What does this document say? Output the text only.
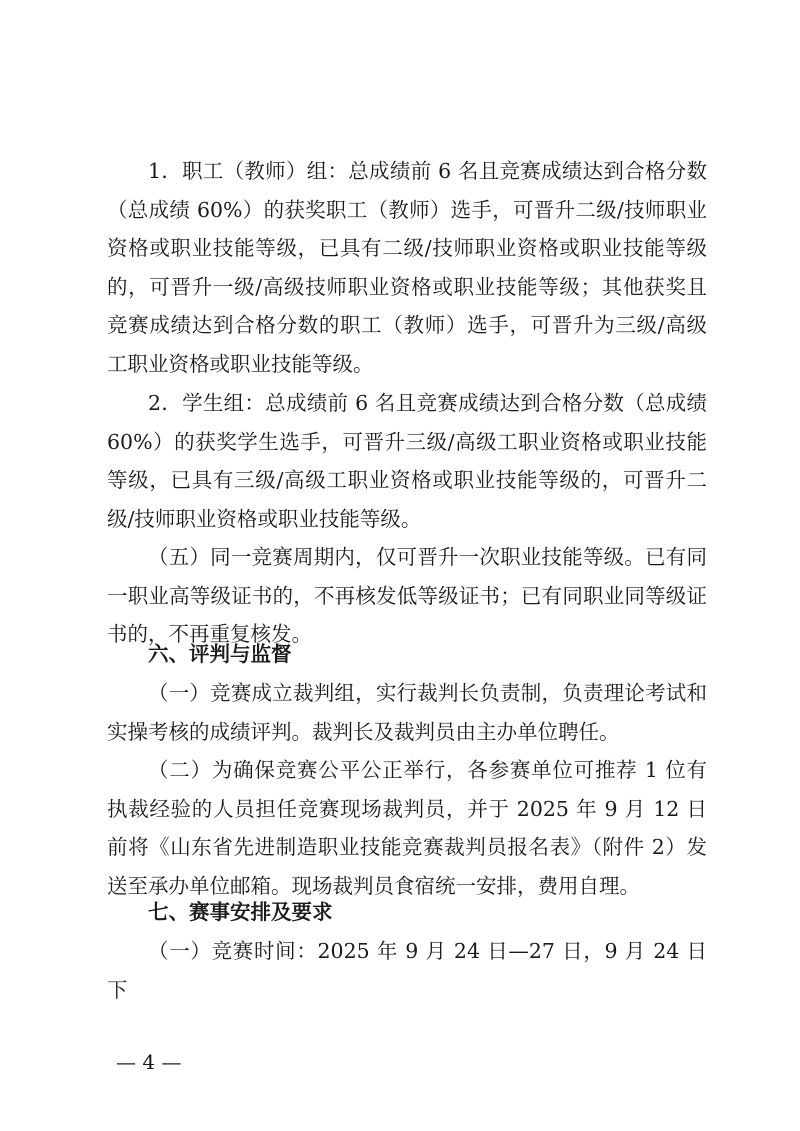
1．职工（教师）组：总成绩前 6 名且竞赛成绩达到合格分数（总成绩 60%）的获奖职工（教师）选手，可晋升二级/技师职业资格或职业技能等级，已具有二级/技师职业资格或职业技能等级的，可晋升一级/高级技师职业资格或职业技能等级；其他获奖且竞赛成绩达到合格分数的职工（教师）选手，可晋升为三级/高级工职业资格或职业技能等级。

2．学生组：总成绩前 6 名且竞赛成绩达到合格分数（总成绩 60%）的获奖学生选手，可晋升三级/高级工职业资格或职业技能等级，已具有三级/高级工职业资格或职业技能等级的，可晋升二级/技师职业资格或职业技能等级。

（五）同一竞赛周期内，仅可晋升一次职业技能等级。已有同一职业高等级证书的，不再核发低等级证书；已有同职业同等级证书的，不再重复核发。

六、评判与监督

（一）竞赛成立裁判组，实行裁判长负责制，负责理论考试和实操考核的成绩评判。裁判长及裁判员由主办单位聘任。

（二）为确保竞赛公平公正举行，各参赛单位可推荐 1 位有执裁经验的人员担任竞赛现场裁判员，并于 2025 年 9 月 12 日前将《山东省先进制造职业技能竞赛裁判员报名表》（附件 2）发送至承办单位邮箱。现场裁判员食宿统一安排，费用自理。

七、赛事安排及要求

（一）竞赛时间：2025 年 9 月 24 日—27 日，9 月 24 日下

— 4 —
